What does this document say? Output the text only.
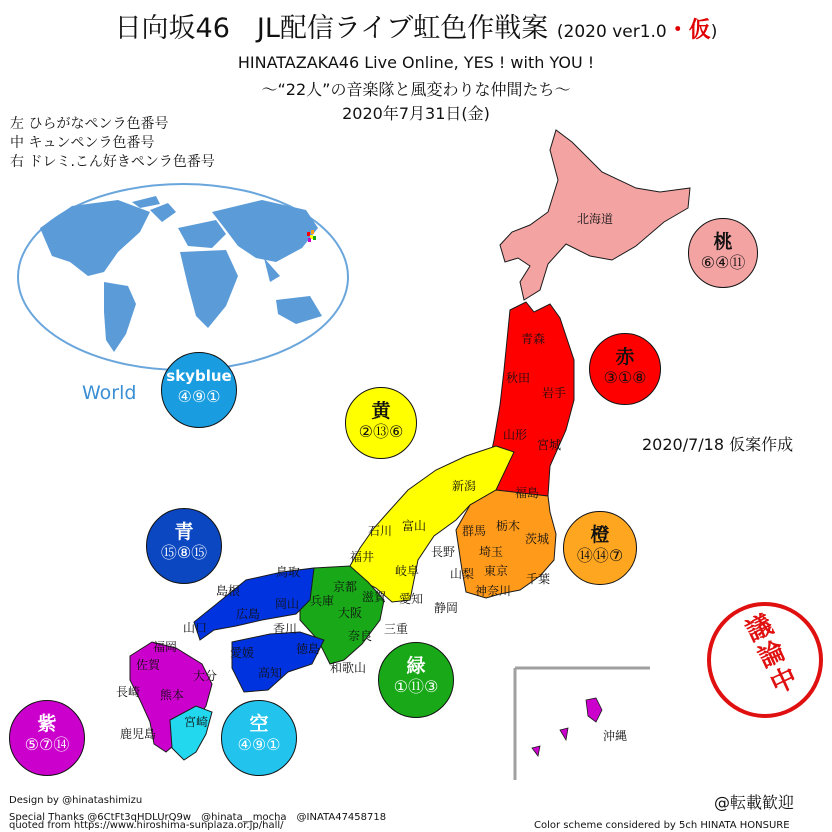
日向坂46　JL配信ライブ虹色作戦案 (2020 ver1.0・仮)
HINATAZAKA46 Live Online, YES ! with YOU !
～“22人”の音楽隊と風変わりな仲間たち～
2020年7月31日(金)
左 ひらがなペンラ色番号
中 キュンペンラ色番号
右 ドレミ.こん好きペンラ色番号
World
2020/7/18 仮案作成
北海道
青森
秋田
岩手
山形
宮城
新潟	福島
石川 富山	群馬 栃木
茨城
福井	長野 埼玉
岐阜	山梨 東京
千葉
神奈川
静岡
愛知
鳥取
島根
岡山 兵庫
京都
滋賀
広島	大阪
奈良 三重
山口	香川
愛媛	徳島
高知	和歌山
福岡
佐賀
大分
長崎 熊本
宮崎
鹿児島	沖縄
桃
⑥④⑪
赤
③①⑧
黄
②⑬⑥
skyblue
④⑨①
青
⑮⑧⑮
橙
⑭⑭⑦
緑
①⑪③
紫
⑤⑦⑭
空
④⑨①
議論中
@転載歓迎
Design by @hinatashimizu
Special Thanks @6CtFt3qHDLUrQ9w　@hinata__mocha　@INATA47458718
quoted from https://www.hiroshima-sunplaza.or.jp/hall/	Color scheme considered by 5ch HINATA HONSURE
